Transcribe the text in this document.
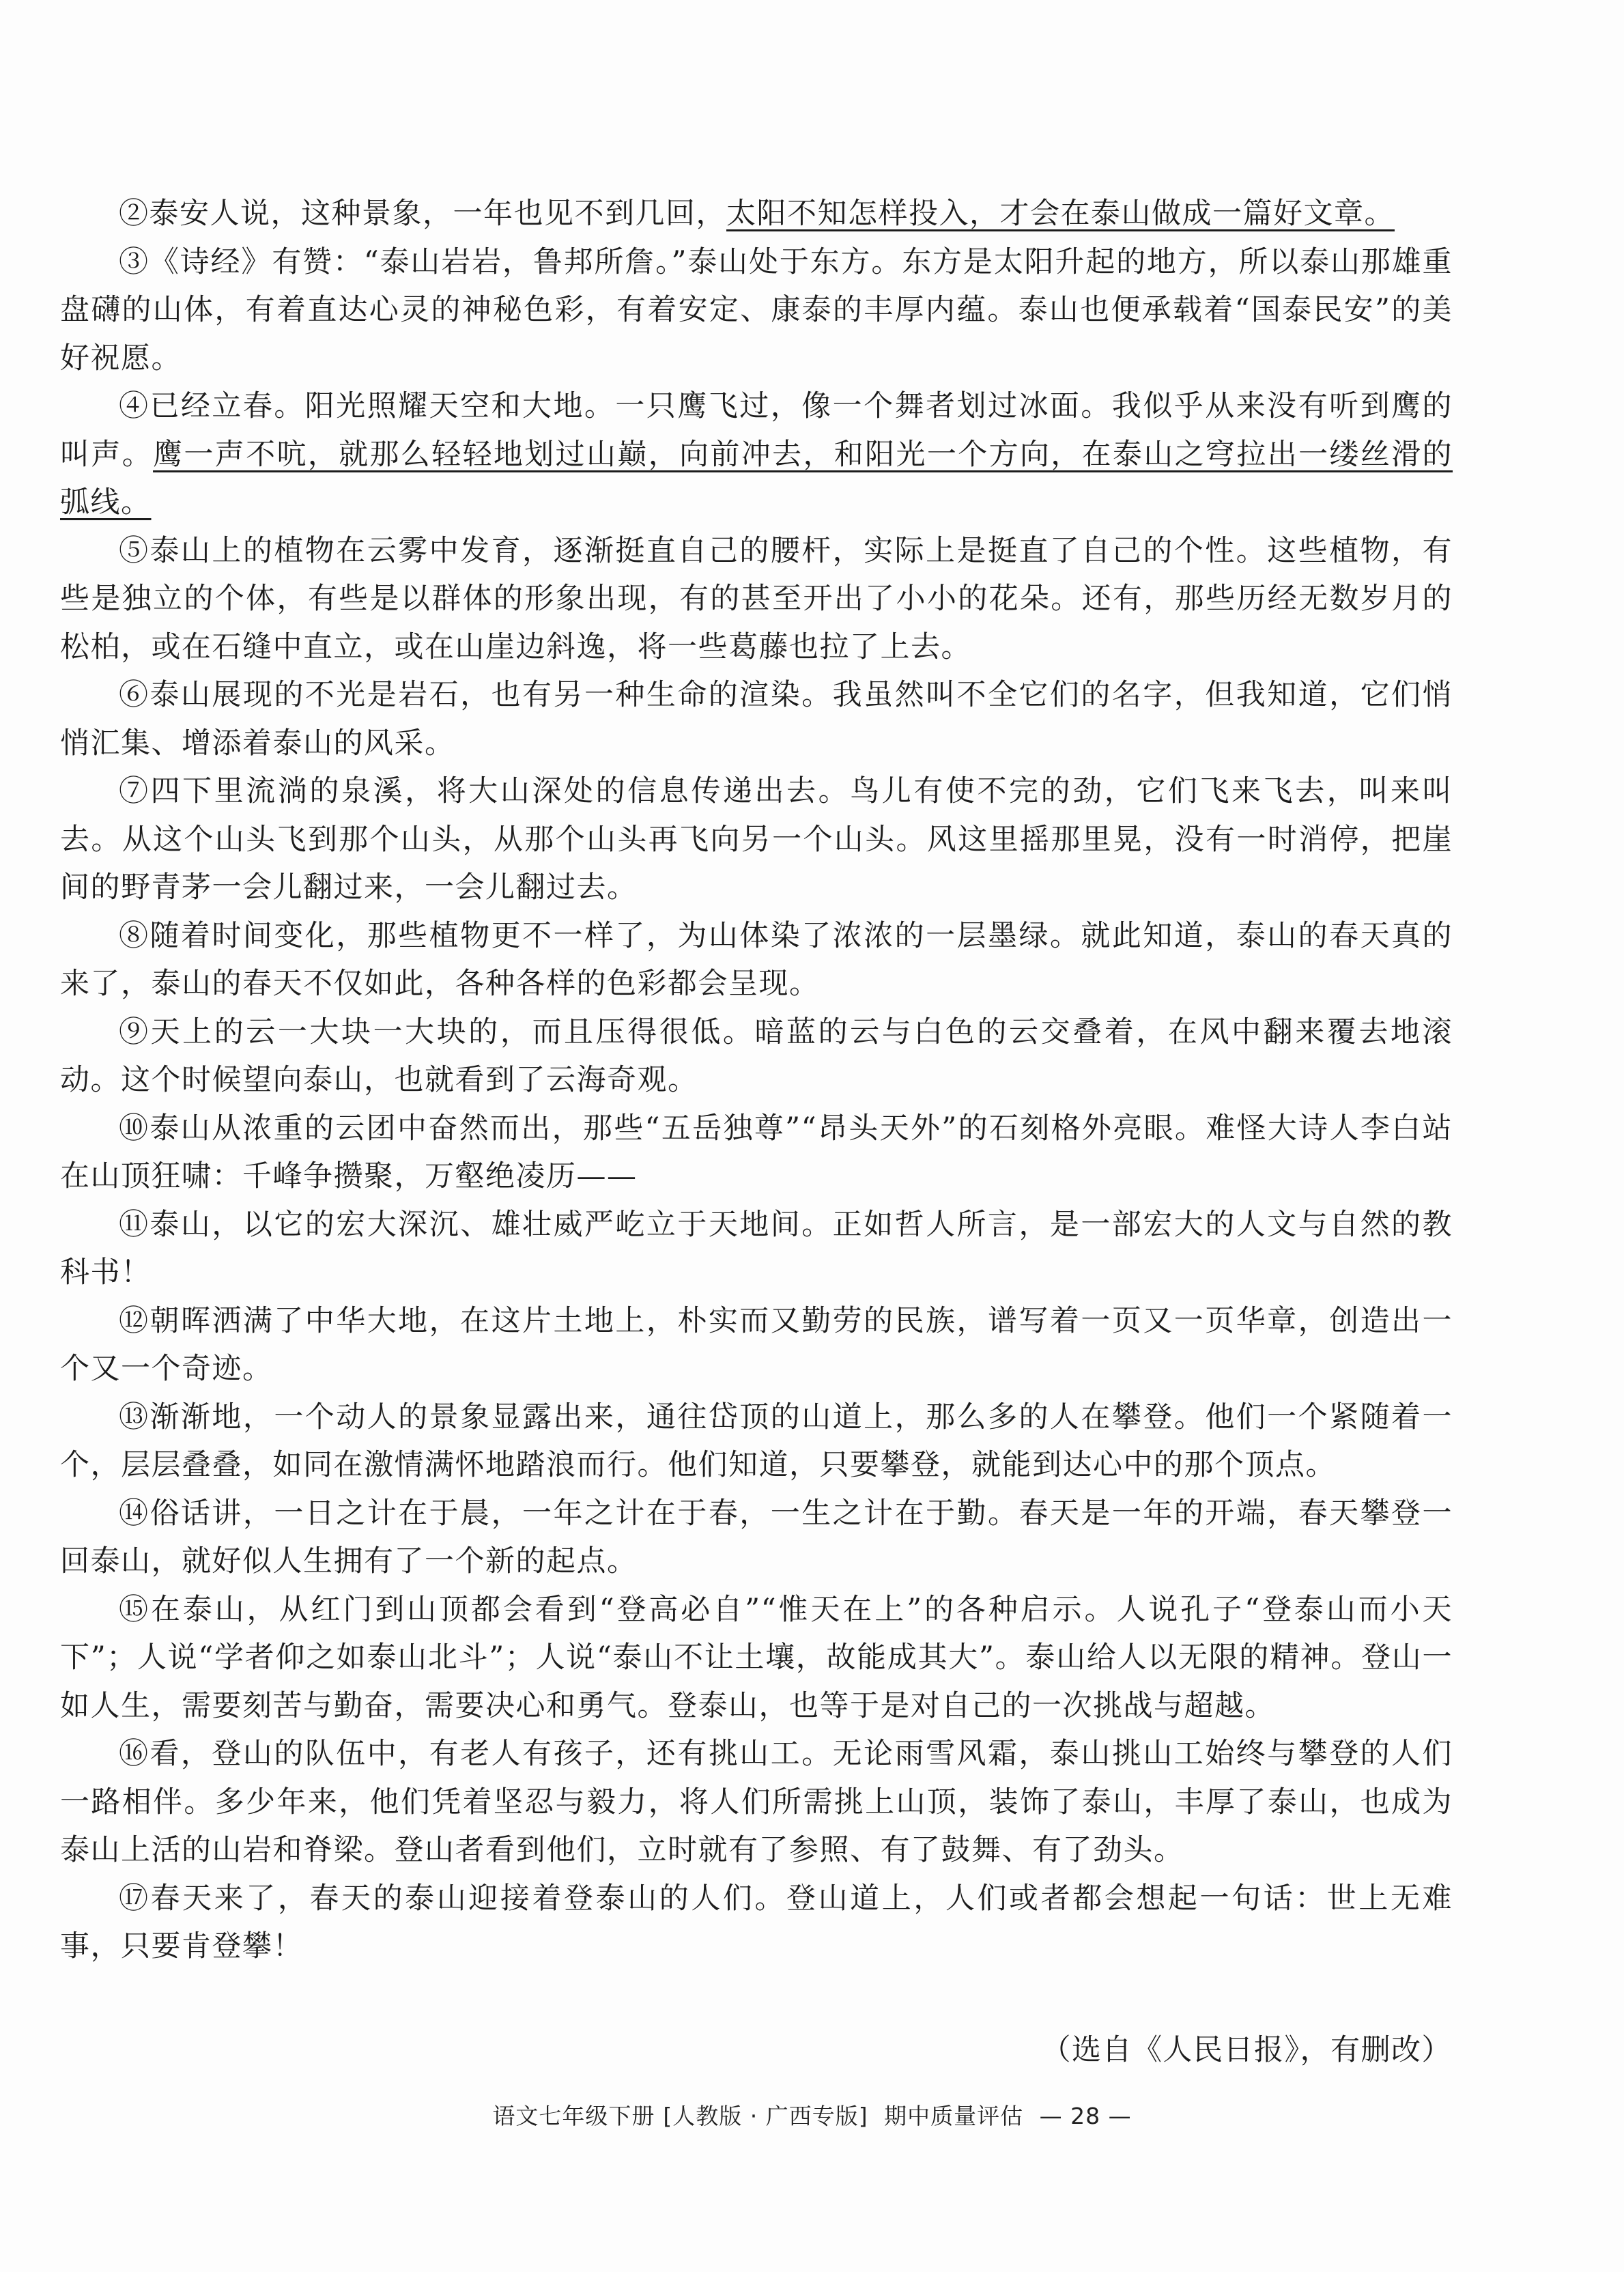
②泰安人说，这种景象，一年也见不到几回，太阳不知怎样投入，才会在泰山做成一篇好文章。

③《诗经》有赞：“泰山岩岩，鲁邦所詹。”泰山处于东方。东方是太阳升起的地方，所以泰山那雄重盘礴的山体，有着直达心灵的神秘色彩，有着安定、康泰的丰厚内蕴。泰山也便承载着“国泰民安”的美好祝愿。

④已经立春。阳光照耀天空和大地。一只鹰飞过，像一个舞者划过冰面。我似乎从来没有听到鹰的叫声。鹰一声不吭，就那么轻轻地划过山巅，向前冲去，和阳光一个方向，在泰山之穹拉出一缕丝滑的弧线。

⑤泰山上的植物在云雾中发育，逐渐挺直自己的腰杆，实际上是挺直了自己的个性。这些植物，有些是独立的个体，有些是以群体的形象出现，有的甚至开出了小小的花朵。还有，那些历经无数岁月的松柏，或在石缝中直立，或在山崖边斜逸，将一些葛藤也拉了上去。

⑥泰山展现的不光是岩石，也有另一种生命的渲染。我虽然叫不全它们的名字，但我知道，它们悄悄汇集、增添着泰山的风采。

⑦四下里流淌的泉溪，将大山深处的信息传递出去。鸟儿有使不完的劲，它们飞来飞去，叫来叫去。从这个山头飞到那个山头，从那个山头再飞向另一个山头。风这里摇那里晃，没有一时消停，把崖间的野青茅一会儿翻过来，一会儿翻过去。

⑧随着时间变化，那些植物更不一样了，为山体染了浓浓的一层墨绿。就此知道，泰山的春天真的来了，泰山的春天不仅如此，各种各样的色彩都会呈现。

⑨天上的云一大块一大块的，而且压得很低。暗蓝的云与白色的云交叠着，在风中翻来覆去地滚动。这个时候望向泰山，也就看到了云海奇观。

⑩泰山从浓重的云团中奋然而出，那些“五岳独尊”“昂头天外”的石刻格外亮眼。难怪大诗人李白站在山顶狂啸：千峰争攒聚，万壑绝凌历——

⑪泰山，以它的宏大深沉、雄壮威严屹立于天地间。正如哲人所言，是一部宏大的人文与自然的教科书！

⑫朝晖洒满了中华大地，在这片土地上，朴实而又勤劳的民族，谱写着一页又一页华章，创造出一个又一个奇迹。

⑬渐渐地，一个动人的景象显露出来，通往岱顶的山道上，那么多的人在攀登。他们一个紧随着一个，层层叠叠，如同在激情满怀地踏浪而行。他们知道，只要攀登，就能到达心中的那个顶点。

⑭俗话讲，一日之计在于晨，一年之计在于春，一生之计在于勤。春天是一年的开端，春天攀登一回泰山，就好似人生拥有了一个新的起点。

⑮在泰山，从红门到山顶都会看到“登高必自”“惟天在上”的各种启示。人说孔子“登泰山而小天下”；人说“学者仰之如泰山北斗”；人说“泰山不让土壤，故能成其大”。泰山给人以无限的精神。登山一如人生，需要刻苦与勤奋，需要决心和勇气。登泰山，也等于是对自己的一次挑战与超越。

⑯看，登山的队伍中，有老人有孩子，还有挑山工。无论雨雪风霜，泰山挑山工始终与攀登的人们一路相伴。多少年来，他们凭着坚忍与毅力，将人们所需挑上山顶，装饰了泰山，丰厚了泰山，也成为泰山上活的山岩和脊梁。登山者看到他们，立时就有了参照、有了鼓舞、有了劲头。

⑰春天来了，春天的泰山迎接着登泰山的人们。登山道上，人们或者都会想起一句话：世上无难事，只要肯登攀！

（选自《人民日报》，有删改）

语文七年级下册 [人教版 · 广西专版] 期中质量评估 — 28 —
